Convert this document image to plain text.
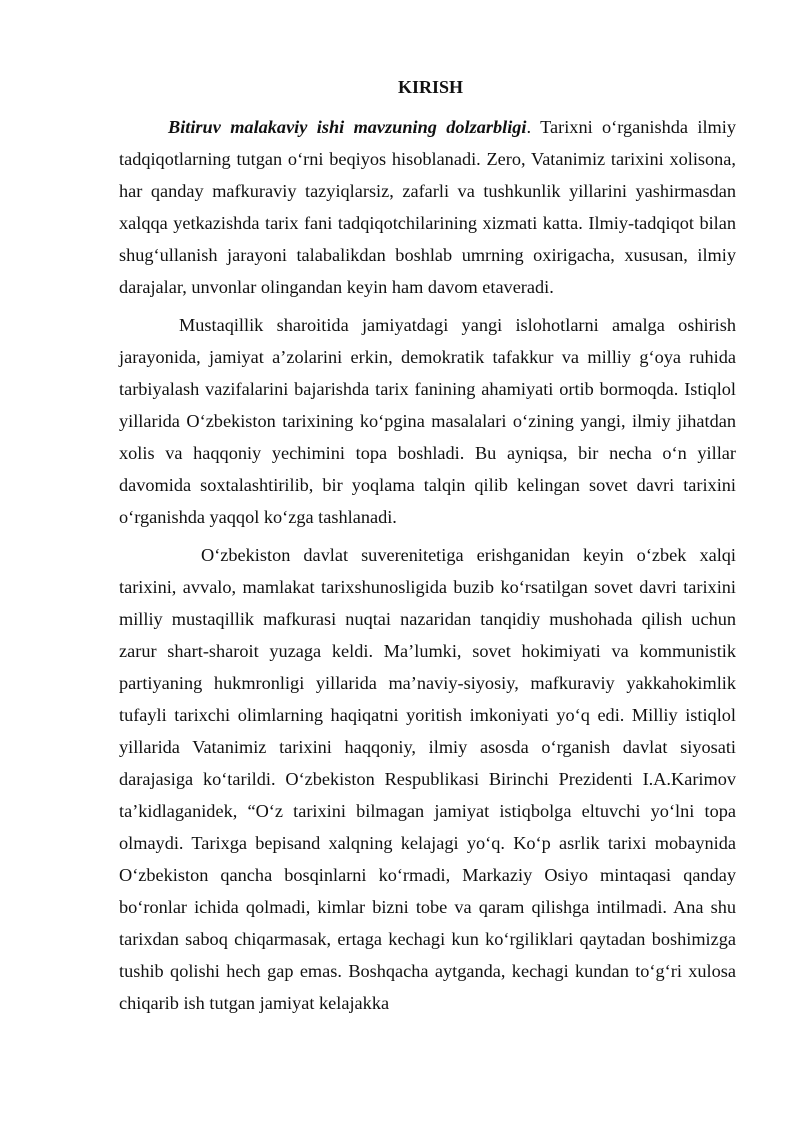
KIRISH

Bitiruv malakaviy ishi mavzuning dolzarbligi. Tarixni o‘rganishda ilmiy tadqiqotlarning tutgan o‘rni beqiyos hisoblanadi. Zero, Vatanimiz tarixini xolisona, har qanday mafkuraviy tazyiqlarsiz, zafarli va tushkunlik yillarini yashirmasdan xalqqa yetkazishda tarix fani tadqiqotchilarining xizmati katta. Ilmiy-tadqiqot bilan shug‘ullanish jarayoni talabalikdan boshlab umrning oxirigacha, xususan, ilmiy darajalar, unvonlar olingandan keyin ham davom etaveradi.

Mustaqillik sharoitida jamiyatdagi yangi islohotlarni amalga oshirish jarayonida, jamiyat a’zolarini erkin, demokratik tafakkur va milliy g‘oya ruhida tarbiyalash vazifalarini bajarishda tarix fanining ahamiyati ortib bormoqda. Istiqlol yillarida O‘zbekiston tarixining ko‘pgina masalalari o‘zining yangi, ilmiy jihatdan xolis va haqqoniy yechimini topa boshladi. Bu ayniqsa, bir necha o‘n yillar davomida soxtalashtirilib, bir yoqlama talqin qilib kelingan sovet davri tarixini o‘rganishda yaqqol ko‘zga tashlanadi.

O‘zbekiston davlat suverenitetiga erishganidan keyin o‘zbek xalqi tarixini, avvalo, mamlakat tarixshunosligida buzib ko‘rsatilgan sovet davri tarixini milliy mustaqillik mafkurasi nuqtai nazaridan tanqidiy mushohada qilish uchun zarur shart-sharoit yuzaga keldi. Ma’lumki, sovet hokimiyati va kommunistik partiyaning hukmronligi yillarida ma’naviy-siyosiy, mafkuraviy yakkahokimlik tufayli tarixchi olimlarning haqiqatni yoritish imkoniyati yo‘q edi. Milliy istiqlol yillarida Vatanimiz tarixini haqqoniy, ilmiy asosda o‘rganish davlat siyosati darajasiga ko‘tarildi. O‘zbekiston Respublikasi Birinchi Prezidenti I.A.Karimov ta’kidlaganidek, “O‘z tarixini bilmagan jamiyat istiqbolga eltuvchi yo‘lni topa olmaydi. Tarixga bepisand xalqning kelajagi yo‘q. Ko‘p asrlik tarixi mobaynida O‘zbekiston qancha bosqinlarni ko‘rmadi, Markaziy Osiyo mintaqasi qanday bo‘ronlar ichida qolmadi, kimlar bizni tobe va qaram qilishga intilmadi. Ana shu tarixdan saboq chiqarmasak, ertaga kechagi kun ko‘rgiliklari qaytadan boshimizga tushib qolishi hech gap emas. Boshqacha aytganda, kechagi kundan to‘g‘ri xulosa chiqarib ish tutgan jamiyat kelajakka
